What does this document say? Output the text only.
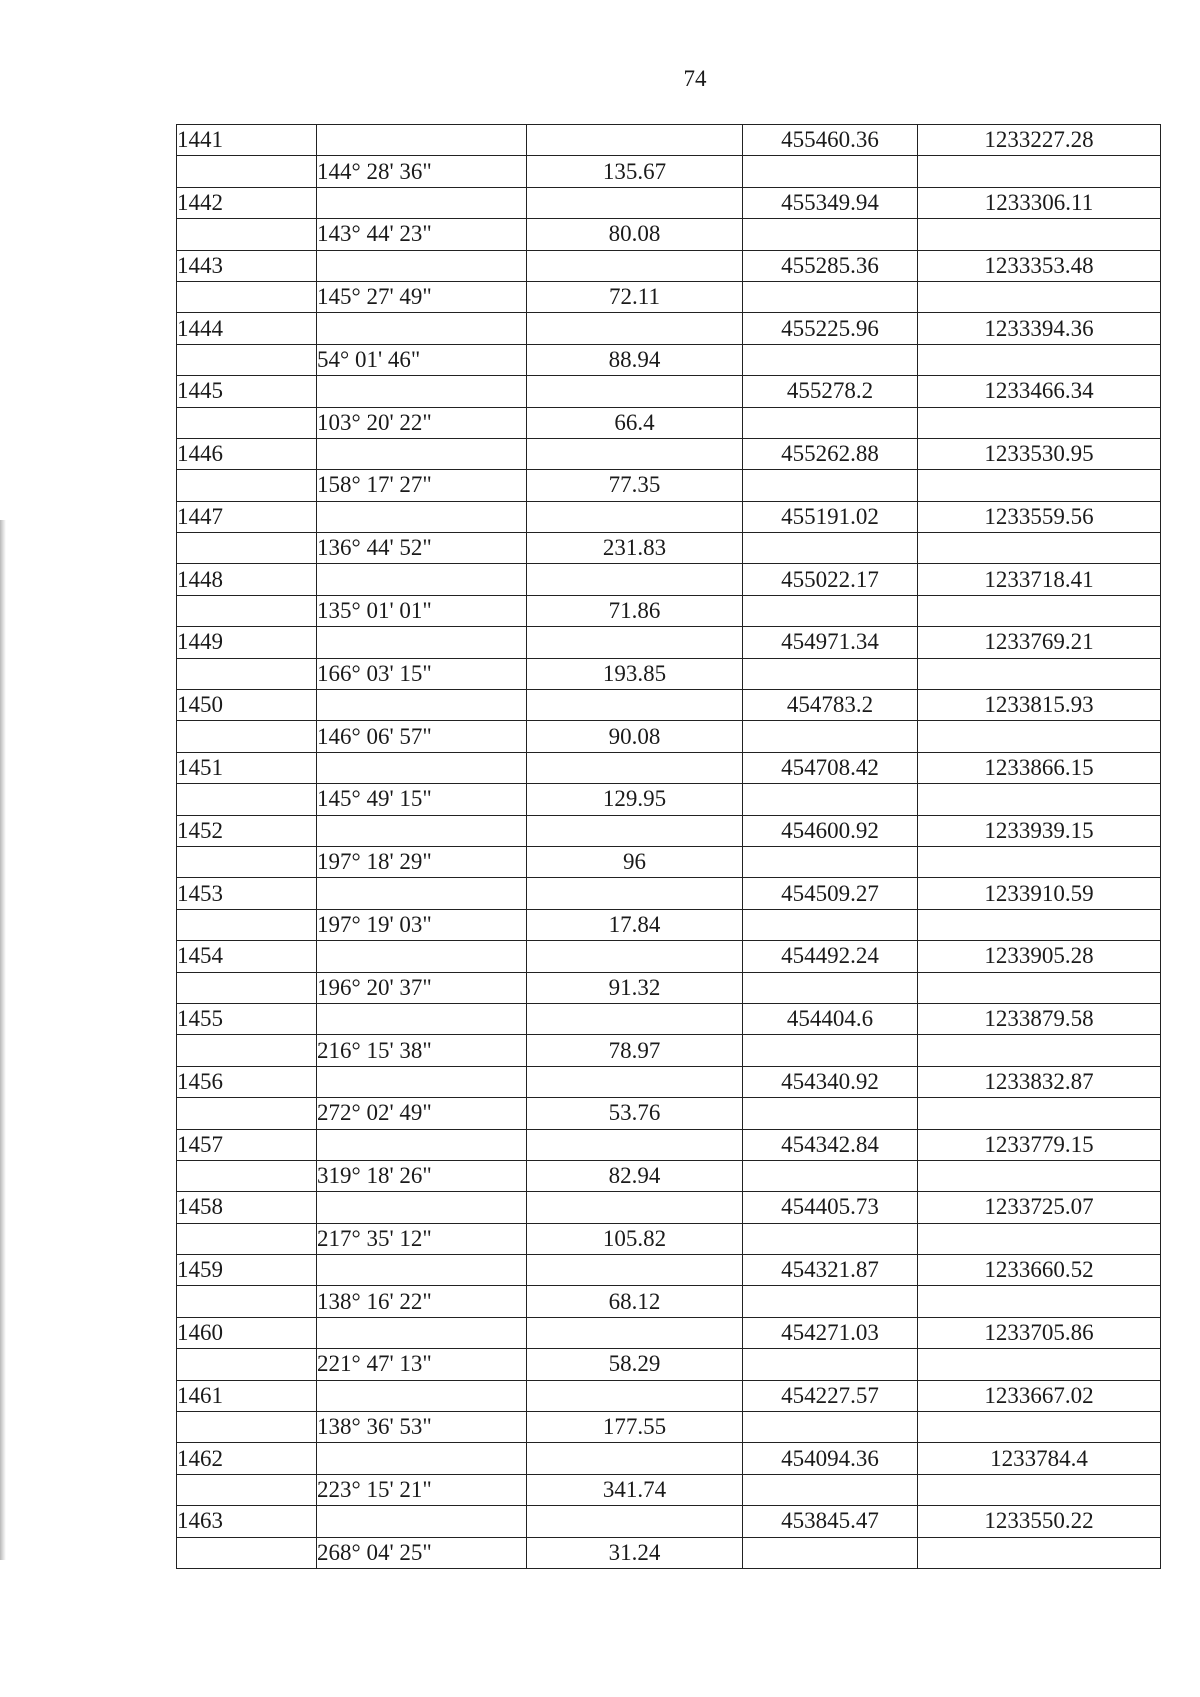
74
1441			455460.36	1233227.28
	144° 28' 36"	135.67		
1442			455349.94	1233306.11
	143° 44' 23"	80.08		
1443			455285.36	1233353.48
	145° 27' 49"	72.11		
1444			455225.96	1233394.36
	54° 01' 46"	88.94		
1445			455278.2	1233466.34
	103° 20' 22"	66.4		
1446			455262.88	1233530.95
	158° 17' 27"	77.35		
1447			455191.02	1233559.56
	136° 44' 52"	231.83		
1448			455022.17	1233718.41
	135° 01' 01"	71.86		
1449			454971.34	1233769.21
	166° 03' 15"	193.85		
1450			454783.2	1233815.93
	146° 06' 57"	90.08		
1451			454708.42	1233866.15
	145° 49' 15"	129.95		
1452			454600.92	1233939.15
	197° 18' 29"	96		
1453			454509.27	1233910.59
	197° 19' 03"	17.84		
1454			454492.24	1233905.28
	196° 20' 37"	91.32		
1455			454404.6	1233879.58
	216° 15' 38"	78.97		
1456			454340.92	1233832.87
	272° 02' 49"	53.76		
1457			454342.84	1233779.15
	319° 18' 26"	82.94		
1458			454405.73	1233725.07
	217° 35' 12"	105.82		
1459			454321.87	1233660.52
	138° 16' 22"	68.12		
1460			454271.03	1233705.86
	221° 47' 13"	58.29		
1461			454227.57	1233667.02
	138° 36' 53"	177.55		
1462			454094.36	1233784.4
	223° 15' 21"	341.74		
1463			453845.47	1233550.22
	268° 04' 25"	31.24		
